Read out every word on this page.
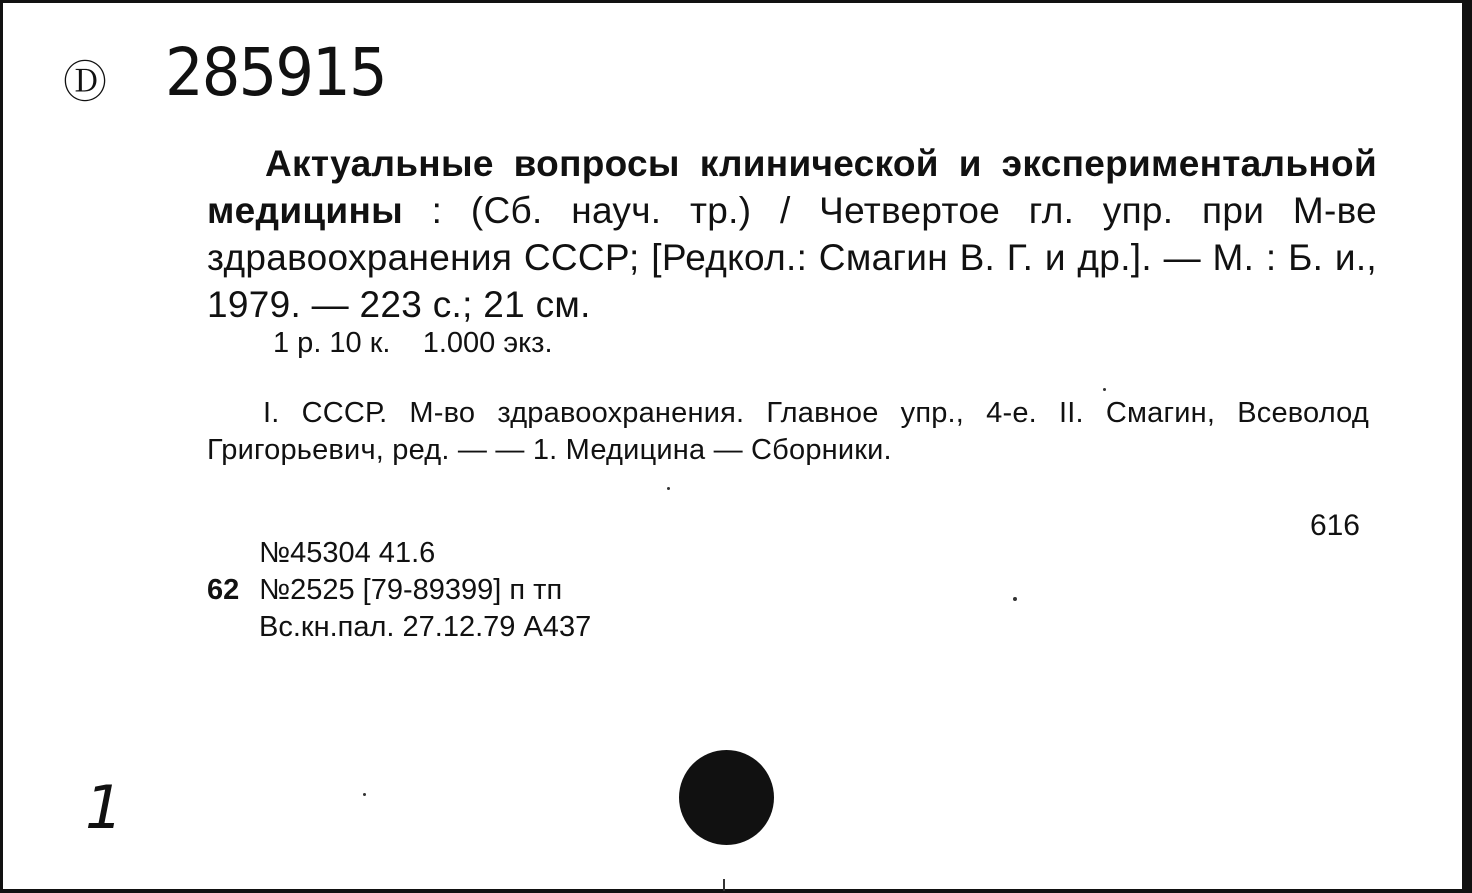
Ⓓ 285915
Актуальные вопросы клинической и экспериментальной медицины : (Сб. науч. тр.) / Четвертое гл. упр. при М-ве здравоохранения СССР; [Редкол.: Смагин В. Г. и др.]. — М. : Б. и., 1979. — 223 с.; 21 см.
1 р. 10 к.    1.000 экз.
I. СССР. М-во здравоохранения. Главное упр., 4-е. II. Смагин, Всеволод Григорьевич, ред. — — 1. Медицина — Сборники.
616
№45304 41.6
62 №2525 [79-89399] п тп
Вс.кн.пал. 27.12.79 А437
1
